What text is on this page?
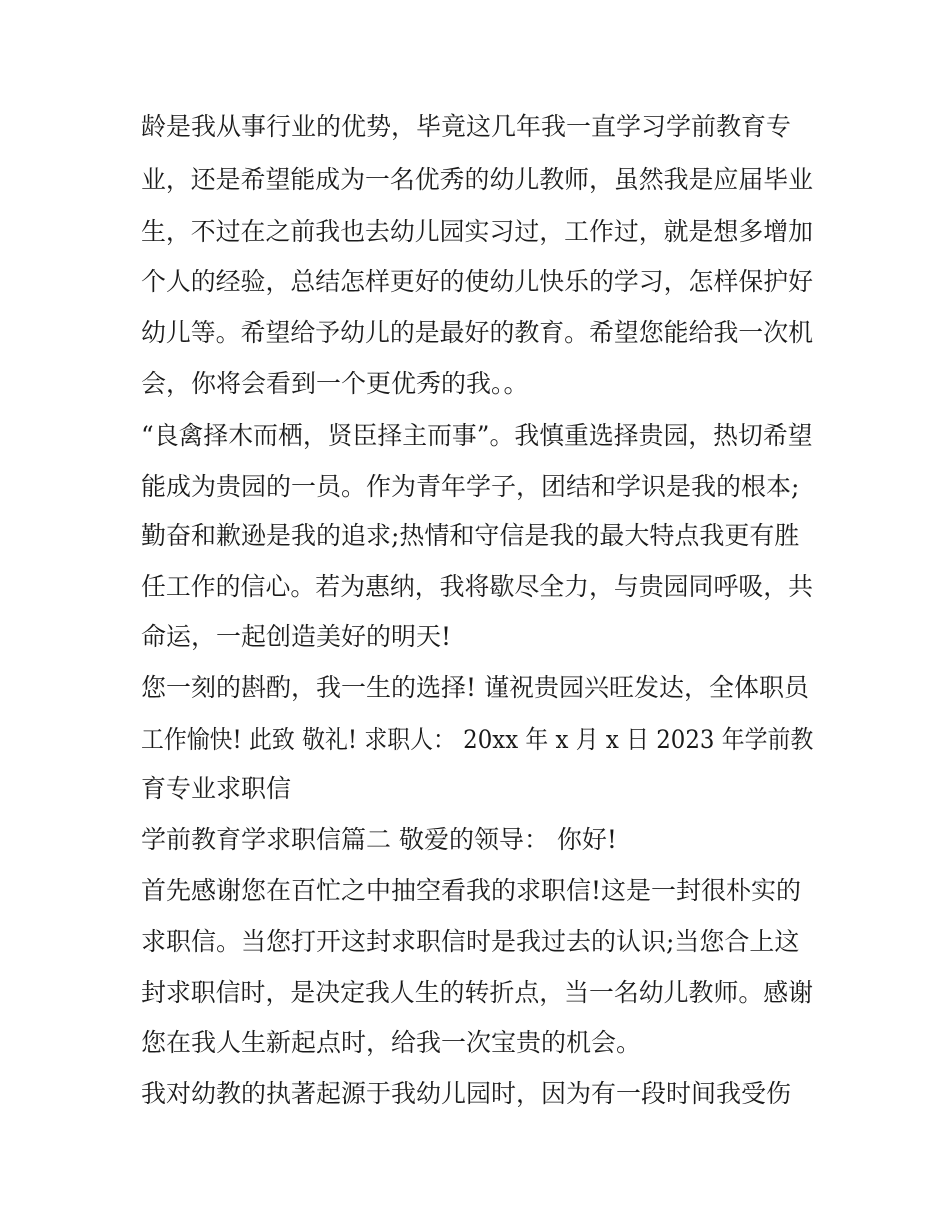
龄是我从事行业的优势，毕竟这几年我一直学习学前教育专
业，还是希望能成为一名优秀的幼儿教师，虽然我是应届毕业
生，不过在之前我也去幼儿园实习过，工作过，就是想多增加
个人的经验，总结怎样更好的使幼儿快乐的学习，怎样保护好
幼儿等。希望给予幼儿的是最好的教育。希望您能给我一次机
会，你将会看到一个更优秀的我。。
“良禽择木而栖，贤臣择主而事”。我慎重选择贵园，热切希望
能成为贵园的一员。作为青年学子，团结和学识是我的根本;
勤奋和歉逊是我的追求;热情和守信是我的最大特点我更有胜
任工作的信心。若为惠纳，我将歇尽全力，与贵园同呼吸，共
命运，一起创造美好的明天!
您一刻的斟酌，我一生的选择! 谨祝贵园兴旺发达，全体职员
工作愉快! 此致 敬礼! 求职人： 20xx 年 x 月 x 日 2023 年学前教
育专业求职信
学前教育学求职信篇二 敬爱的领导： 你好!
首先感谢您在百忙之中抽空看我的求职信!这是一封很朴实的
求职信。当您打开这封求职信时是我过去的认识;当您合上这
封求职信时，是决定我人生的转折点，当一名幼儿教师。感谢
您在我人生新起点时，给我一次宝贵的机会。
我对幼教的执著起源于我幼儿园时，因为有一段时间我受伤
